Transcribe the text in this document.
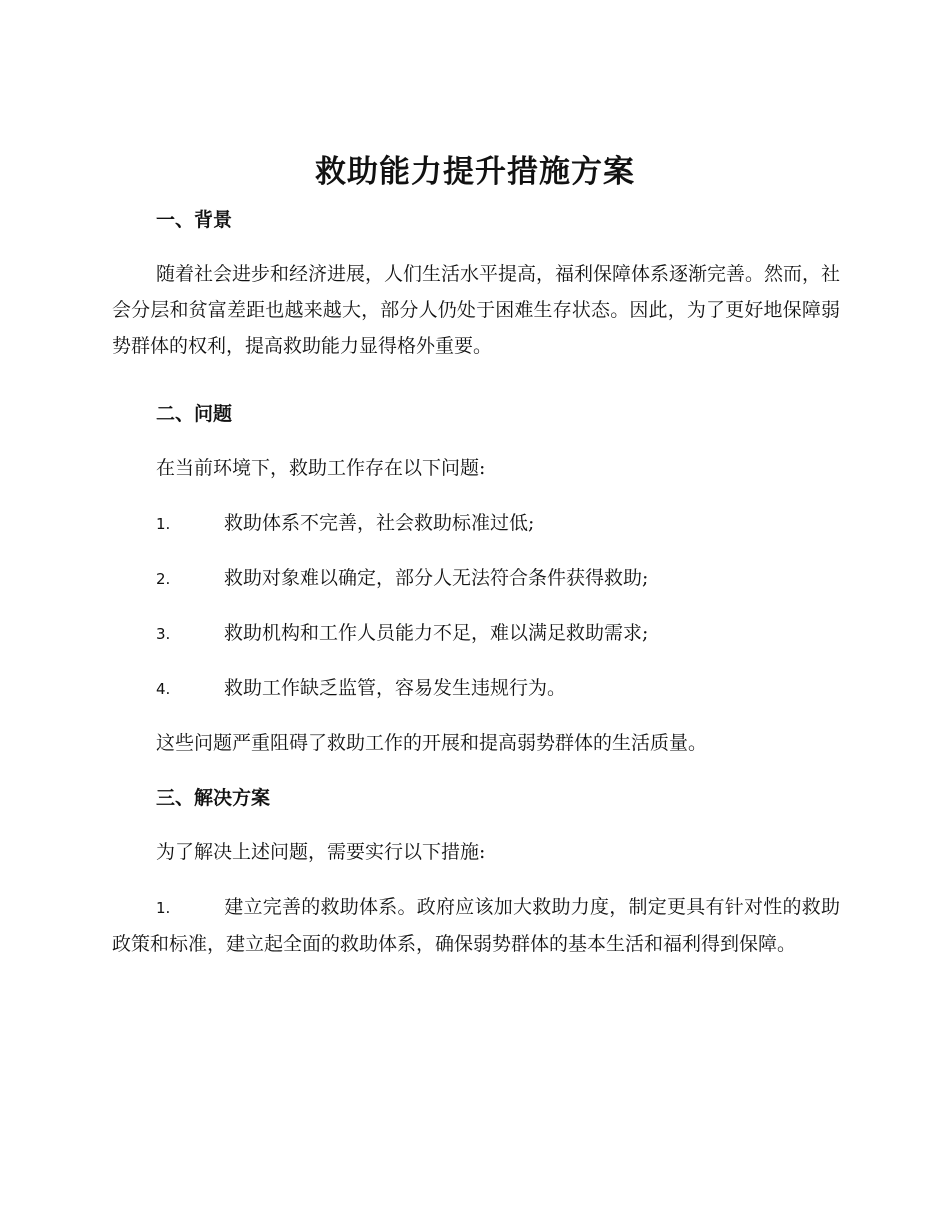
救助能力提升措施方案
一、背景
随着社会进步和经济进展，人们生活水平提高，福利保障体系逐渐完善。然而，社会分层和贫富差距也越来越大，部分人仍处于困难生存状态。因此，为了更好地保障弱势群体的权利，提高救助能力显得格外重要。
二、问题
在当前环境下，救助工作存在以下问题:
1.	救助体系不完善，社会救助标准过低;
2.	救助对象难以确定，部分人无法符合条件获得救助;
3.	救助机构和工作人员能力不足，难以满足救助需求;
4.	救助工作缺乏监管，容易发生违规行为。
这些问题严重阻碍了救助工作的开展和提高弱势群体的生活质量。
三、解决方案
为了解决上述问题，需要实行以下措施:
1.	建立完善的救助体系。政府应该加大救助力度，制定更具有针对性的救助政策和标准，建立起全面的救助体系，确保弱势群体的基本生活和福利得到保障。
